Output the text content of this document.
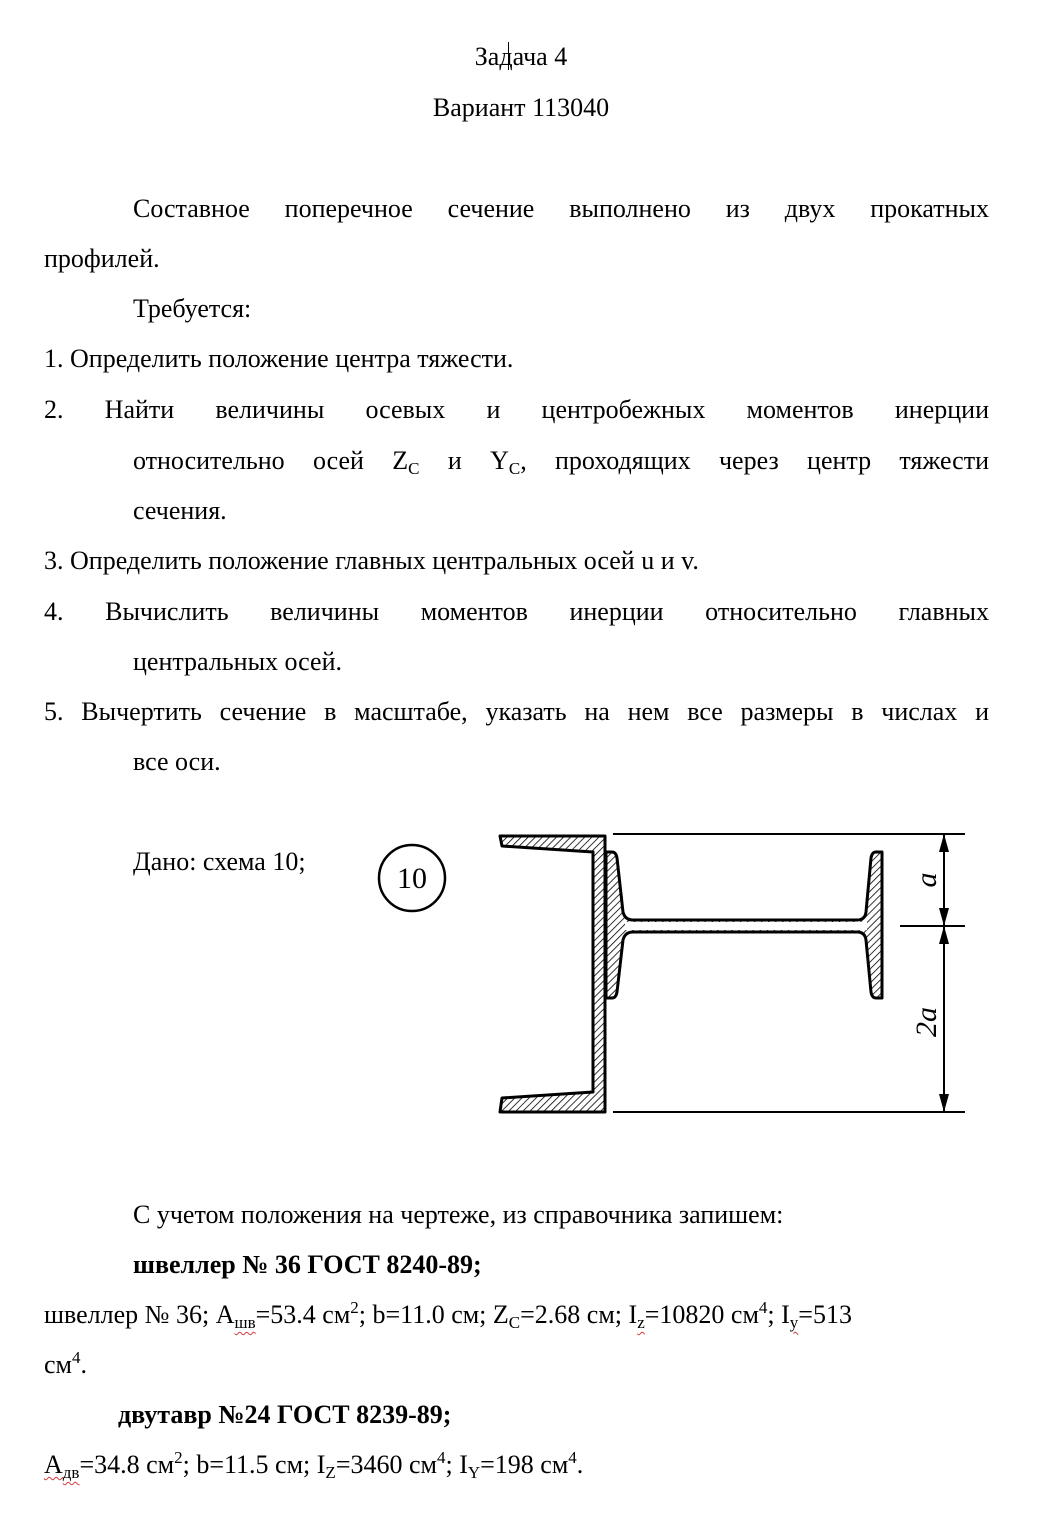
Задача 4
Вариант 113040
Составное поперечное сечение выполнено из двух прокатных
профилей.
Требуется:
1. Определить положение центра тяжести.
2. Найти величины осевых и центробежных моментов инерции
относительно осей $Z_C$ и $Y_C$, проходящих через центр тяжести
сечения.
3. Определить положение главных центральных осей u и v.
4. Вычислить величины моментов инерции относительно главных
центральных осей.
5. Вычертить сечение в масштабе, указать на нем все размеры в числах и
все оси.
Дано: схема 10;
10	a
2a
С учетом положения на чертеже, из справочника запишем:
швеллер № 36 ГОСТ 8240-89;
швеллер № 36; $A_{шв}=53.4$ $см^2$; b=11.0 см; $Z_C=2.68$ см; $I_z=10820$ $см^4$; $I_y=513$
$см^4$.
двутавр №24 ГОСТ 8239-89;
$A_{дв}=34.8$ $см^2$; b=11.5 см; $I_Z=3460$ $см^4$; $I_Y=198$ $см^4$.
